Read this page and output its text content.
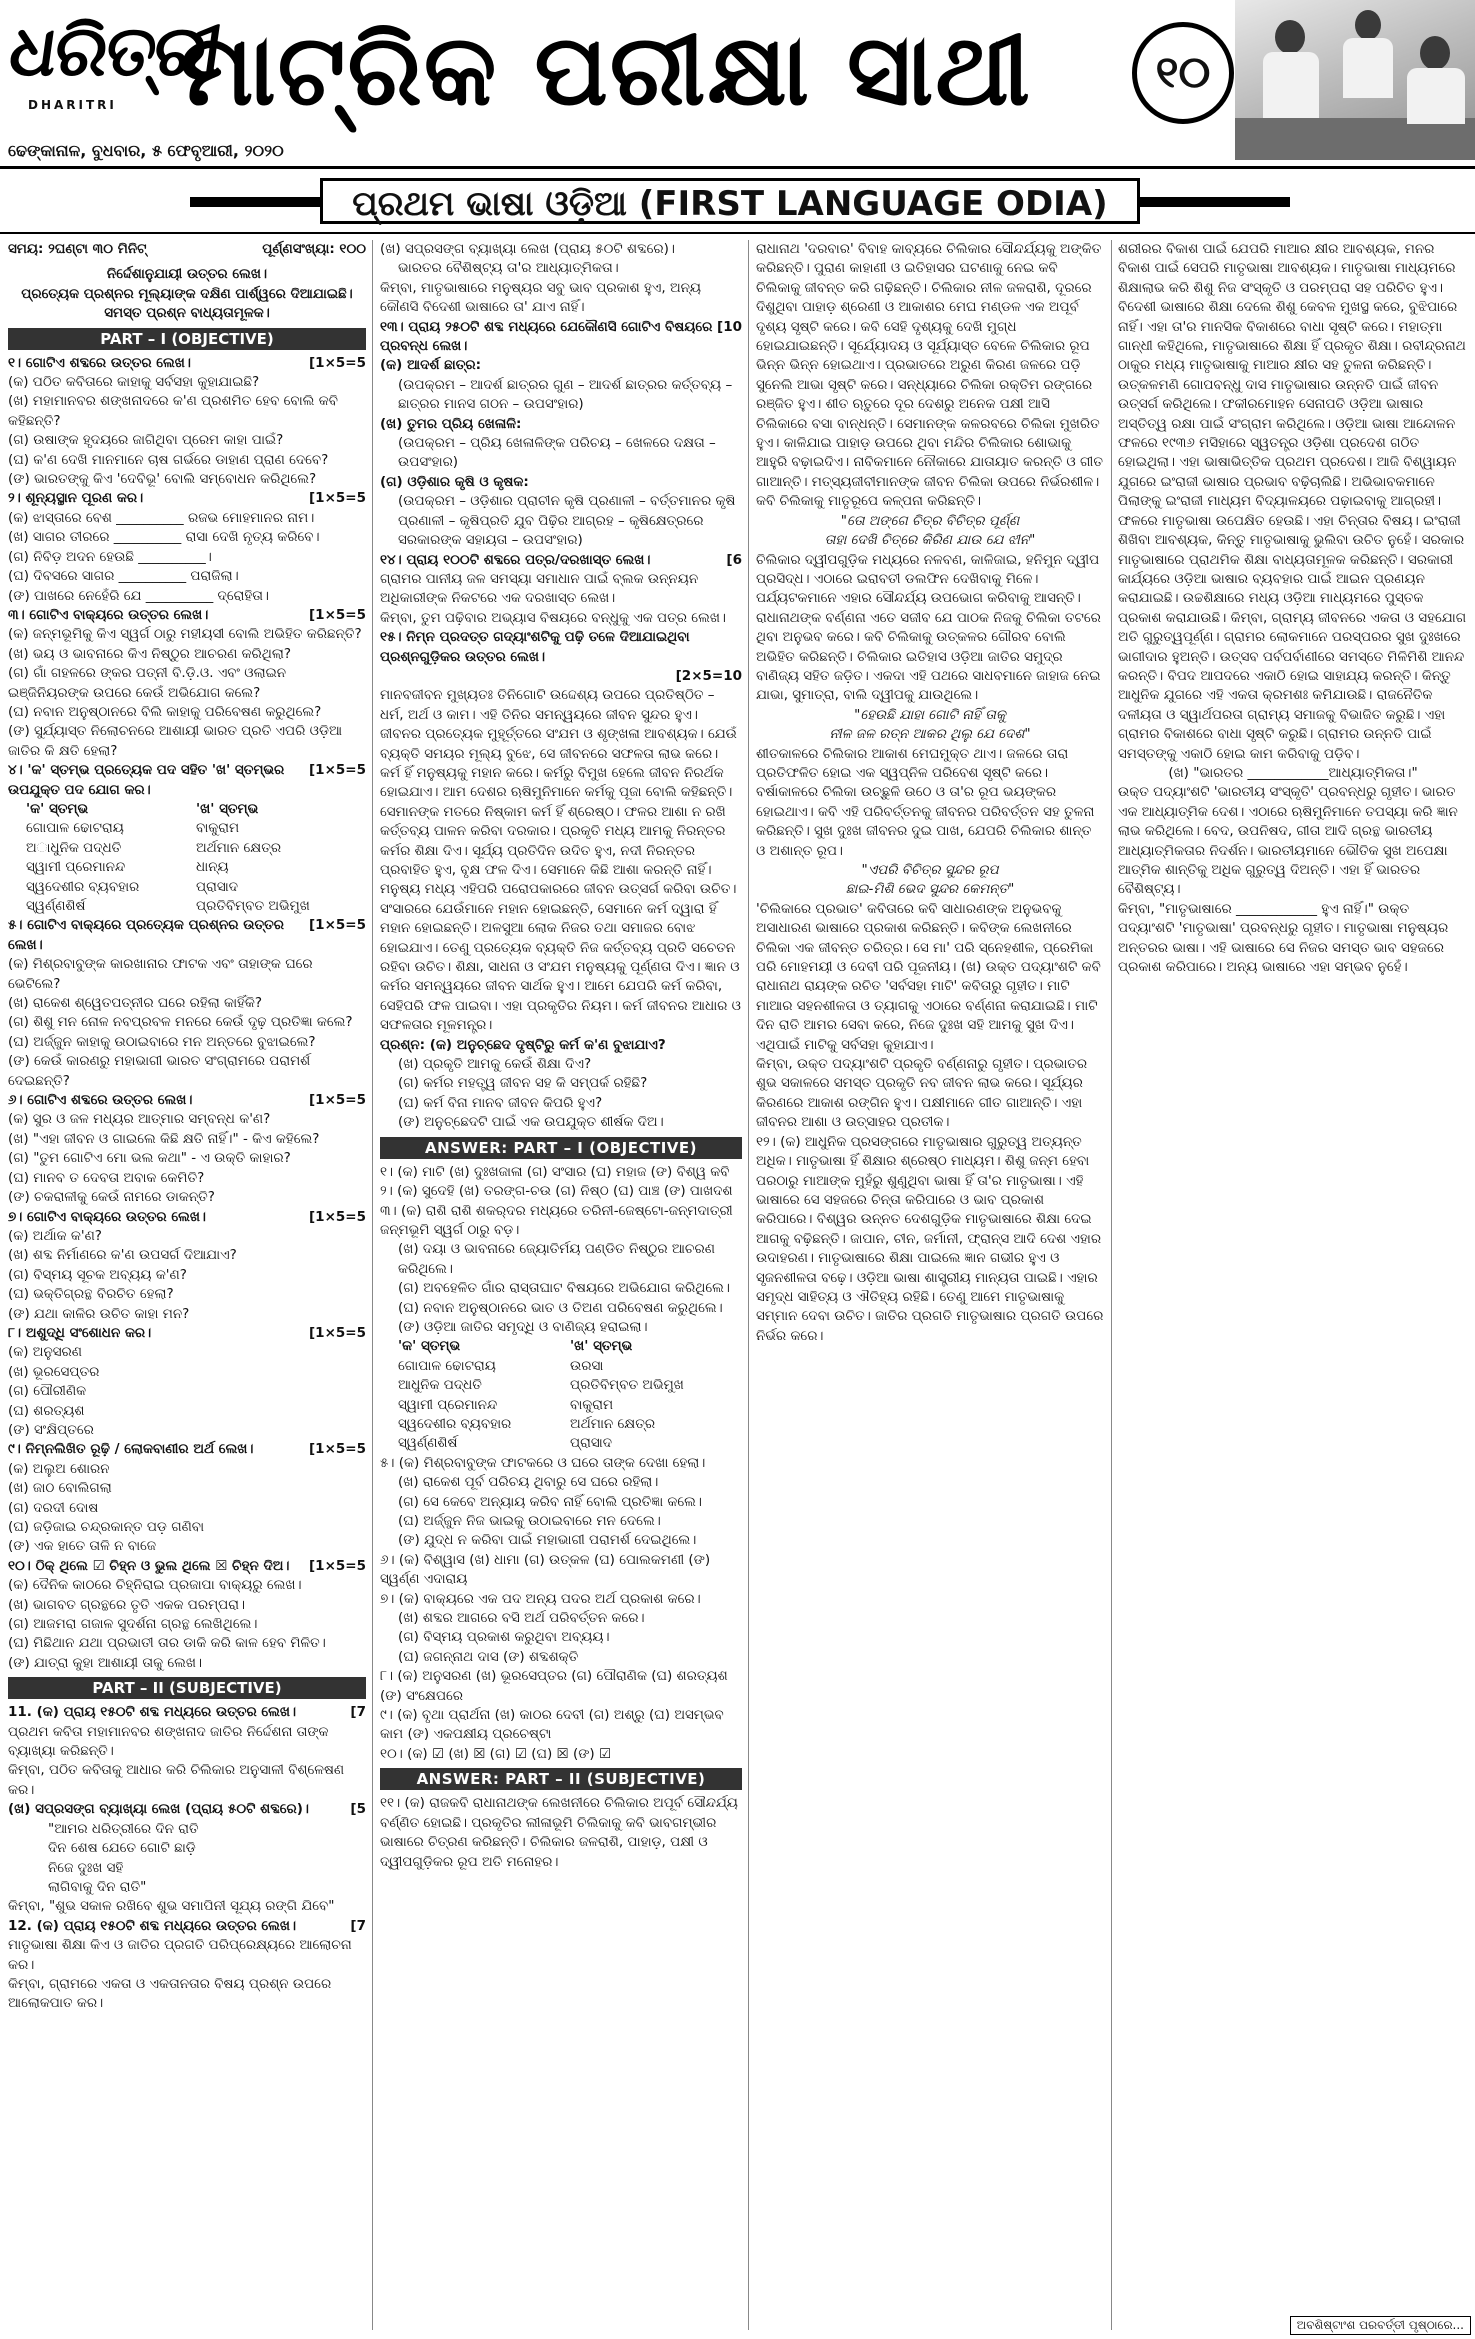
ଧରିତ୍ରୀ
DHARITRI ମାଟ୍ରିକ ପରୀକ୍ଷା ସାଥୀ	୧୦
ଢେଙ୍କାନାଳ, ବୁଧବାର, ୫ ଫେବୃଆରୀ, ୨୦୨୦
ପ୍ରଥମ ଭାଷା ଓଡ଼ିଆ (FIRST LANGUAGE ODIA)
ସମୟ: ୨ଘଣ୍ଟା ୩୦ ମିନିଟ୍	ପୂର୍ଣ୍ଣସଂଖ୍ୟା: ୧୦୦

ନିର୍ଦ୍ଦେଶାନୁଯାୟୀ ଉତ୍ତର ଲେଖ।

ପ୍ରତ୍ୟେକ ପ୍ରଶ୍ନର ମୂଲ୍ୟାଙ୍କ ଦକ୍ଷିଣ ପାର୍ଶ୍ୱରେ ଦିଆଯାଇଛି।

ସମସ୍ତ ପ୍ରଶ୍ନ ବାଧ୍ୟତାମୂଳକ।

PART – I (OBJECTIVE)
୧। ଗୋଟିଏ ଶବ୍ଦରେ ଉତ୍ତର ଲେଖ।	[1×5=5

(କ) ପଠିତ କବିତାରେ କାହାକୁ ସର୍ବସହା କୁହାଯାଇଛି?

(ଖ) ମହାମାନବର ଶଙ୍ଖନାଦରେ କ'ଣ ପ୍ରଶମିତ ହେବ ବୋଲି କବି କହିଛନ୍ତି?

(ଗ) ଉଷାଙ୍କ ହୃଦୟରେ ଜାଗିଥିବା ପ୍ରେମ କାହା ପାଇଁ?

(ଘ) କ'ଣ ଦେଖି ମାନମାନେ ଚାଷ ଗର୍ଭରେ ଡାହାଣ ପ୍ରାଣ ଦେବେ?

(ଙ) ଭାରତଙ୍କୁ କିଏ 'ଦେବିଭୂ' ବୋଲି ସମ୍ବୋଧନ କରିଥିଲେ?

୨। ଶୂନ୍ୟସ୍ଥାନ ପୂରଣ କର।	[1×5=5

(କ) ଝାସ୍ତାରେ ବେଶ __________ ରଜଭ ମୋହମାନର ନାମ।

(ଖ) ସାଗର ତୀରରେ __________ ରାସା ଦେଖି ନୃତ୍ୟ କରିବେ।

(ଗ) ନିବିଡ଼ ଅଦନ ହେଉଛି __________।

(ଘ) ଦିବସରେ ସାଗର __________ ପରାଜିଲା।

(ଙ) ପାଖରେ ନେହେଁରି ଯେ __________ ଦ୍ରୋହିତା।

୩। ଗୋଟିଏ ବାକ୍ୟରେ ଉତ୍ତର ଲେଖ।	[1×5=5

(କ) ଜନ୍ମଭୂମିକୁ କିଏ ସ୍ୱର୍ଗ ଠାରୁ ମହୀୟସୀ ବୋଲି ଅଭିହିତ କରିଛନ୍ତି?

(ଖ) ଭୟ ଓ ଭାବନାରେ କିଏ ନିଷ୍ଠୁର ଆଚରଣ କରିଥିଲା?

(ଗ) ଗାଁ ଗହଳରେ ଙ୍କର ପତ୍ନୀ ବି.ଡ଼ି.ଓ. ଏବଂ ଓଲାଇନ ଇଞ୍ଜିନିୟରଙ୍କ ଉପରେ କେଉଁ ଅଭିଯୋଗ କଲେ?

(ଘ) ନବାନ ଅନୁଷ୍ଠାନରେ ବିଲି କାହାକୁ ପରିବେଷଣ କରୁଥିଲେ?

(ଙ) ସୁର୍ଯ୍ୟାସ୍ତ ନିଲୋଚନରେ ଆଶାୟୀ ଭାରତ ପ୍ରତି ଏପରି ଓଡ଼ିଆ ଜାତିର କି କ୍ଷତି ହେଲା?

୪। 'କ' ସ୍ତମ୍ଭ ପ୍ରତ୍ୟେକ ପଦ ସହିତ 'ଖ' ସ୍ତମ୍ଭର ଉପଯୁକ୍ତ ପଦ ଯୋଗ କର।
[1×5=5
'କ' ସ୍ତମ୍ଭ	'ଖ' ସ୍ତମ୍ଭ
ଗୋପାଳ ଢୋଟରାୟ	ବାକୁରାମ
ଅାଧୁନିକ ପଦ୍ଧତି	ଅର୍ଥମାନ କ୍ଷେତ୍ର
ସ୍ୱାମୀ ପ୍ରେମାନନ୍ଦ	ଧାନ୍ୟ
ସ୍ୱଦେଶୀର ବ୍ୟବହାର	ପ୍ରାସାଦ
ସ୍ୱର୍ଣ୍ଣଶିର୍ଷ	ପ୍ରତିବିମ୍ବତ ଅଭିମୁଖ
୫। ଗୋଟିଏ ବାକ୍ୟରେ ପ୍ରତ୍ୟେକ ପ୍ରଶ୍ନର ଉତ୍ତର ଲେଖ।
[1×5=5

(କ) ମିଶ୍ରବାବୁଙ୍କ କାରଖାନାର ଫାଟକ ଏବଂ ତାହାଙ୍କ ଘରେ ଭେଟିଲେ?

(ଖ) ରାକେଶ ଶ୍ୱେତପତ୍ନୀର ଘରେ ରହିଲା କାହିଁକି?

(ଗ) ଶିଶୁ ମନ ନୋଳ ନବପ୍ରବଳ ମନରେ କେଉଁ ଦୃଢ଼ ପ୍ରତିଜ୍ଞା କଲେ?

(ଘ) ଅର୍ଜ୍ଜୁନ କାହାକୁ ଉଠାଇବାରେ ମନ ଅନ୍ତରେ ବୁଝାଇଲେ?

(ଙ) କେଉଁ କାରଣରୁ ମହାଭାଗୀ ଭାରତ ସଂଗ୍ରାମରେ ପରାମର୍ଶ ଦେଇଛନ୍ତି?

୬। ଗୋଟିଏ ଶବ୍ଦରେ ଉତ୍ତର ଲେଖ।	[1×5=5

(କ) ସୁର ଓ ଜଳ ମଧ୍ୟର ଆତ୍ମାର ସମ୍ବନ୍ଧ କ'ଣ?

(ଖ) "ଏହା ଜୀବନ ଓ ଗାଇଲେ କିଛି କ୍ଷତି ନାହିଁ।" - କିଏ କହିଲେ?

(ଗ) "ତୁମ ଗୋଟିଏ ମୋ ଭଲ କଥା" - ଏ ଉକ୍ତି କାହାର?

(ଘ) ମାନବ ତ ଦେବତା ଅବାକ କେମିତି?

(ଙ) ଚକରାଳୀକୁ କେଉଁ ନାମରେ ଡାକନ୍ତି?

୭। ଗୋଟିଏ ବାକ୍ୟରେ ଉତ୍ତର ଲେଖ।	[1×5=5

(କ) ଅର୍ଥାକ କ'ଣ?

(ଖ) ଶବ୍ଦ ନିର୍ମାଣରେ କ'ଣ ଉପସର୍ଗ ଦିଆଯାଏ?

(ଗ) ବିସ୍ମୟ ସୂଚକ ଅବ୍ୟୟ କ'ଣ?

(ଘ) ଭକ୍ତିଗ୍ରନ୍ଥ ବିରଚିତ ହେଲା?

(ଙ) ଯଥା କାଳିର ଉଚିତ କାହା ମନ?

୮। ଅଶୁଦ୍ଧି ସଂଶୋଧନ କର।	[1×5=5

(କ) ଅନୁସରଣ

(ଖ) ଭୂରସେପ୍ତର

(ଗ) ପୌରୀଣିକ

(ଘ) ଶରତ୍ୟଶ

(ଙ) ସଂକ୍ଷିପ୍ତରେ

୯। ନିମ୍ନଲିଖିତ ରୂଢ଼ି / ଲୋକବାଣୀର ଅର୍ଥ ଲେଖ।	[1×5=5

(କ) ଅଲୁଅ ଶୋରନ

(ଖ) ଜାଠ ବୋଲିଗଲା

(ଗ) ଦରଦୀ ଦୋଷ

(ଘ) ଜଡ଼ିଜାଇ ଚନ୍ଦ୍ରକାନ୍ତ ପଡ଼ ଗଣିବା

(ଙ) ଏକ ହାତେ ତାଳି ନ ବାଜେ

୧୦। ଠିକ୍ ଥିଲେ ☑ ଚିହ୍ନ ଓ ଭୁଲ ଥିଲେ ☒ ଚିହ୍ନ ଦିଅ। [1×5=5

(କ) ଦୈନିକ କାଠରେ ଚିହ୍ନିରାଇ ପ୍ରଜାପା ବାକ୍ୟରୁ ଲେଖ।

(ଖ) ଭାଗବତ ଗ୍ରନ୍ଥରେ ତୃତି ଏକକ ପରମ୍ପରା।

(ଗ) ଆଜମରା ଗଜାଳ ସୁଦର୍ଶନା ଗ୍ରନ୍ଥ ଲେଖିଥିଲେ।

(ଘ) ମିଛିଥାନ ଯଥା ପ୍ରଭାତୀ ତାର ଡାକି କରି କାଳ ହେବ ମିଳିତ।

(ଙ) ଯାତ୍ରା କୁହା ଆଶାୟୀ ତାକୁ ଲେଖ।

PART – II (SUBJECTIVE)
11. (କ) ପ୍ରାୟ ୧୫୦ଟି ଶବ୍ଦ ମଧ୍ୟରେ ଉତ୍ତର ଲେଖ।	[7

ପ୍ରଥମ କବିତା ମହାମାନବର ଶଙ୍ଖନାଦ ଜାତିର ନିର୍ଦ୍ଦେଶନା ତାଙ୍କ ବ୍ୟାଖ୍ୟା କରିଛନ୍ତି।

କିମ୍ବା, ପଠିତ କବିତାକୁ ଆଧାର କରି ଚିଲିକାର ଅନୁସାଳୀ ବିଶ୍ଳେଷଣ କର।

(ଖ) ସପ୍ରସଙ୍ଗ ବ୍ୟାଖ୍ୟା ଲେଖ (ପ୍ରାୟ ୫୦ଟି ଶବ୍ଦରେ)।	[5

"ଆମର ଧରିତ୍ରୀରେ ଦିନ ରାତି

ଦିନ ଶେଷ ଯେତେ ଗୋଟି ଛାଡ଼ି

ନିଜେ ଦୁଃଖ ସହି

ଲାଗିବାକୁ ଦିନ ରାତି"

କିମ୍ବା, "ଶୁଭ ସକାଳ ରଖିବେ ଶୁଭ ସମାପିନୀ ସୂଯ୍ୟ ରଙ୍ଗି ଯିବେ"

12. (କ) ପ୍ରାୟ ୧୫୦ଟି ଶବ୍ଦ ମଧ୍ୟରେ ଉତ୍ତର ଲେଖ।	[7

ମାତୃଭାଷା ଶିକ୍ଷା କିଏ ଓ ଜାତିର ପ୍ରଗତି ପରିପ୍ରେକ୍ଷ୍ୟରେ ଆଲୋଚନା କର।

କିମ୍ବା, ଗ୍ରାମରେ ଏକତା ଓ ଏକତାନତାର ବିଷୟ ପ୍ରଶ୍ନ ଉପରେ ଆଲୋକପାତ କର।

(ଖ) ସପ୍ରସଙ୍ଗ ବ୍ୟାଖ୍ୟା ଲେଖ (ପ୍ରାୟ ୫୦ଟି ଶବ୍ଦରେ)।

ଭାରତର ବୈଶିଷ୍ଟ୍ୟ ତା'ର ଆଧ୍ୟାତ୍ମିକତା।

କିମ୍ବା, ମାତୃଭାଷାରେ ମନୁଷ୍ୟର ସବୁ ଭାବ ପ୍ରକାଶ ହୁଏ, ଅନ୍ୟ କୌଣସି ବିଦେଶୀ ଭାଷାରେ ତା' ଯାଏ ନାହିଁ।

୧୩। ପ୍ରାୟ ୨୫୦ଟି ଶବ୍ଦ ମଧ୍ୟରେ ଯେକୌଣସି ଗୋଟିଏ ବିଷୟରେ ପ୍ରବନ୍ଧ ଲେଖ।
[10

(କ) ଆଦର୍ଶ ଛାତ୍ର:

(ଉପକ୍ରମ – ଆଦର୍ଶ ଛାତ୍ରର ଗୁଣ – ଆଦର୍ଶ ଛାତ୍ରର କର୍ତ୍ତବ୍ୟ – ଛାତ୍ରର ମାନସ ଗଠନ – ଉପସଂହାର)

(ଖ) ତୁମର ପ୍ରିୟ ଖେଳାଳି:

(ଉପକ୍ରମ – ପ୍ରିୟ ଖେଳାଳିଙ୍କ ପରିଚୟ – ଖେଳରେ ଦକ୍ଷତା – ଉପସଂହାର)

(ଗ) ଓଡ଼ିଶାର କୃଷି ଓ କୃଷକ:

(ଉପକ୍ରମ – ଓଡ଼ିଶାର ପ୍ରାଚୀନ କୃଷି ପ୍ରଣାଳୀ – ବର୍ତ୍ତମାନର କୃଷି ପ୍ରଣାଳୀ – କୃଷିପ୍ରତି ଯୁବ ପିଢ଼ିର ଆଗ୍ରହ – କୃଷିକ୍ଷେତ୍ରରେ ସରକାରଙ୍କ ସହାୟତା – ଉପସଂହାର)

୧୪। ପ୍ରାୟ ୧୦୦ଟି ଶବ୍ଦରେ ପତ୍ର/ଦରଖାସ୍ତ ଲେଖ।	[6

ଗ୍ରାମର ପାନୀୟ ଜଳ ସମସ୍ୟା ସମାଧାନ ପାଇଁ ବ୍ଲକ ଉନ୍ନୟନ ଅଧିକାରୀଙ୍କ ନିକଟରେ ଏକ ଦରଖାସ୍ତ ଲେଖ।

କିମ୍ବା, ତୁମ ପଢ଼ିବାର ଅଭ୍ୟାସ ବିଷୟରେ ବନ୍ଧୁକୁ ଏକ ପତ୍ର ଲେଖ।

୧୫। ନିମ୍ନ ପ୍ରଦତ୍ତ ଗଦ୍ୟାଂଶଟିକୁ ପଢ଼ି ତଳେ ଦିଆଯାଇଥିବା ପ୍ରଶ୍ନଗୁଡ଼ିକର ଉତ୍ତର ଲେଖ।

[2×5=10

ମାନବଜୀବନ ମୁଖ୍ୟତଃ ତିନିଗୋଟି ଉଦ୍ଦେଶ୍ୟ ଉପରେ ପ୍ରତିଷ୍ଠିତ – ଧର୍ମ, ଅର୍ଥ ଓ କାମ। ଏହି ତିନିର ସମନ୍ୱୟରେ ଜୀବନ ସୁନ୍ଦର ହୁଏ। ଜୀବନର ପ୍ରତ୍ୟେକ ମୁହୂର୍ତ୍ତରେ ସଂଯମ ଓ ଶୃଙ୍ଖଳା ଆବଶ୍ୟକ। ଯେଉଁ ବ୍ୟକ୍ତି ସମୟର ମୂଲ୍ୟ ବୁଝେ, ସେ ଜୀବନରେ ସଫଳତା ଲାଭ କରେ। କର୍ମ ହିଁ ମନୁଷ୍ୟକୁ ମହାନ କରେ। କର୍ମରୁ ବିମୁଖ ହେଲେ ଜୀବନ ନିରର୍ଥକ ହୋଇଯାଏ। ଆମ ଦେଶର ଋଷିମୁନିମାନେ କର୍ମକୁ ପୂଜା ବୋଲି କହିଛନ୍ତି। ସେମାନଙ୍କ ମତରେ ନିଷ୍କାମ କର୍ମ ହିଁ ଶ୍ରେଷ୍ଠ। ଫଳର ଆଶା ନ ରଖି କର୍ତ୍ତବ୍ୟ ପାଳନ କରିବା ଦରକାର। ପ୍ରକୃତି ମଧ୍ୟ ଆମକୁ ନିରନ୍ତର କର୍ମର ଶିକ୍ଷା ଦିଏ। ସୂର୍ଯ୍ୟ ପ୍ରତିଦିନ ଉଦିତ ହୁଏ, ନଦୀ ନିରନ୍ତର ପ୍ରବାହିତ ହୁଏ, ବୃକ୍ଷ ଫଳ ଦିଏ। ସେମାନେ କିଛି ଆଶା କରନ୍ତି ନାହିଁ। ମନୁଷ୍ୟ ମଧ୍ୟ ଏହିପରି ପରୋପକାରରେ ଜୀବନ ଉତ୍ସର୍ଗ କରିବା ଉଚିତ। ସଂସାରରେ ଯେଉଁମାନେ ମହାନ ହୋଇଛନ୍ତି, ସେମାନେ କର୍ମ ଦ୍ୱାରା ହିଁ ମହାନ ହୋଇଛନ୍ତି। ଅଳସୁଆ ଲୋକ ନିଜର ତଥା ସମାଜର ବୋଝ ହୋଇଯାଏ। ତେଣୁ ପ୍ରତ୍ୟେକ ବ୍ୟକ୍ତି ନିଜ କର୍ତ୍ତବ୍ୟ ପ୍ରତି ସଚେତନ ରହିବା ଉଚିତ। ଶିକ୍ଷା, ସାଧନା ଓ ସଂଯମ ମନୁଷ୍ୟକୁ ପୂର୍ଣ୍ଣତା ଦିଏ। ଜ୍ଞାନ ଓ କର୍ମର ସମନ୍ୱୟରେ ଜୀବନ ସାର୍ଥକ ହୁଏ। ଆମେ ଯେପରି କର୍ମ କରିବା, ସେହିପରି ଫଳ ପାଇବା। ଏହା ପ୍ରକୃତିର ନିୟମ। କର୍ମ ଜୀବନର ଆଧାର ଓ ସଫଳତାର ମୂଳମନ୍ତ୍ର।

ପ୍ରଶ୍ନ: (କ) ଅନୁଚ୍ଛେଦ ଦୃଷ୍ଟିରୁ କର୍ମ କ'ଣ ବୁଝାଯାଏ?

(ଖ) ପ୍ରକୃତି ଆମକୁ କେଉଁ ଶିକ୍ଷା ଦିଏ?

(ଗ) କର୍ମର ମହତ୍ତ୍ୱ ଜୀବନ ସହ କି ସମ୍ପର୍କ ରହିଛି?

(ଘ) କର୍ମ ବିନା ମାନବ ଜୀବନ କିପରି ହୁଏ?

(ଙ) ଅନୁଚ୍ଛେଦଟି ପାଇଁ ଏକ ଉପଯୁକ୍ତ ଶୀର୍ଷକ ଦିଅ।

ANSWER: PART – I (OBJECTIVE)

୧। (କ) ମାଟି (ଖ) ଦୁଃଖଜାଳା (ଗ) ସଂସାର (ଘ) ମହାଜ (ଙ) ବିଶ୍ୱ କବି

୨। (କ) ସୁଦେହି (ଖ) ତରଙ୍ଗ-ଚଉ (ଗ) ନିଷ୍ଠ (ଘ) ପାଞ୍ଚ (ଙ) ପାଖଦଶ

୩। (କ) ରାଶି ରାଶି ଶକର୍‍ଦର ମଧ୍ୟରେ ତରିନୀ-ଜେଷ୍ଟୋ-ଜନ୍ମଦାତ୍ରୀ ଜନ୍ମଭୂମି ସ୍ୱର୍ଗ ଠାରୁ ବଡ଼।

(ଖ) ଦୟା ଓ ଭାବନାରେ ଜ୍ୟୋତିର୍ମୟ ପଣ୍ଡିତ ନିଷ୍ଠୁର ଆଚରଣ କରିଥିଲେ।

(ଗ) ଅବହେଳିତ ଗାଁର ରାସ୍ତାଘାଟ ବିଷୟରେ ଅଭିଯୋଗ କରିଥିଲେ।

(ଘ) ନବାନ ଅନୁଷ୍ଠାନରେ ଭାତ ଓ ତିଅଣ ପରିବେଷଣ କରୁଥିଲେ।

(ଙ) ଓଡ଼ିଆ ଜାତିର ସମୃଦ୍ଧି ଓ ବାଣିଜ୍ୟ ହରାଇଲା।

'କ' ସ୍ତମ୍ଭ	'ଖ' ସ୍ତମ୍ଭ
ଗୋପାଳ ଢୋଟରାୟ	ଉରସା
ଆଧୁନିକ ପଦ୍ଧତି	ପ୍ରତିବିମ୍ବତ ଅଭିମୁଖ
ସ୍ୱାମୀ ପ୍ରେମାନନ୍ଦ	ବାକୁରାମ
ସ୍ୱଦେଶୀର ବ୍ୟବହାର	ଅର୍ଥମାନ କ୍ଷେତ୍ର
ସ୍ୱର୍ଣ୍ଣଶିର୍ଷ	ପ୍ରାସାଦ

୫। (କ) ମିଶ୍ରବାବୁଙ୍କ ଫାଟକରେ ଓ ଘରେ ତାଙ୍କ ଦେଖା ହେଲା।

(ଖ) ରାକେଶ ପୂର୍ବ ପରିଚୟ ଥିବାରୁ ସେ ଘରେ ରହିଲା।

(ଗ) ସେ କେବେ ଅନ୍ୟାୟ କରିବ ନାହିଁ ବୋଲି ପ୍ରତିଜ୍ଞା କଲେ।

(ଘ) ଅର୍ଜ୍ଜୁନ ନିଜ ଭାଇକୁ ଉଠାଇବାରେ ମନ ଦେଲେ।

(ଙ) ଯୁଦ୍ଧ ନ କରିବା ପାଇଁ ମହାଭାଗୀ ପରାମର୍ଶ ଦେଇଥିଲେ।

୬। (କ) ବିଶ୍ୱାସ (ଖ) ଧାମା (ଗ) ଉତ୍କଳ (ଘ) ପୋଲକମଣୀ (ଙ) ସ୍ୱର୍ଣ୍ଣ ଏଦାରାୟ

୭। (କ) ବାକ୍ୟରେ ଏକ ପଦ ଅନ୍ୟ ପଦର ଅର୍ଥ ପ୍ରକାଶ କରେ।

(ଖ) ଶବ୍ଦର ଆଗରେ ବସି ଅର୍ଥ ପରିବର୍ତ୍ତନ କରେ।

(ଗ) ବିସ୍ମୟ ପ୍ରକାଶ କରୁଥିବା ଅବ୍ୟୟ।

(ଘ) ଜଗନ୍ନାଥ ଦାସ (ଙ) ଶବ୍ଦଶକ୍ତି

୮। (କ) ଅନୁସରଣ (ଖ) ଭୂରସେପ୍ତର (ଗ) ପୌରାଣିକ (ଘ) ଶରତ୍ୟଶ (ଙ) ସଂକ୍ଷେପରେ

୯। (କ) ବୃଥା ପ୍ରାର୍ଥନା (ଖ) କାଠର ଦେବୀ (ଗ) ଅଶ୍ରୁ (ଘ) ଅସମ୍ଭବ କାମ (ଙ) ଏକପକ୍ଷୀୟ ପ୍ରଚେଷ୍ଟା

୧୦। (କ) ☑ (ଖ) ☒ (ଗ) ☑ (ଘ) ☒ (ଙ) ☑

ANSWER: PART – II (SUBJECTIVE)

୧୧। (କ) ରାଜକବି ରାଧାନାଥଙ୍କ ଲେଖନୀରେ ଚିଲିକାର ଅପୂର୍ବ ସୌନ୍ଦର୍ଯ୍ୟ ବର୍ଣ୍ଣିତ ହୋଇଛି। ପ୍ରକୃତିର ଲୀଳାଭୂମି ଚିଲିକାକୁ କବି ଭାବଗମ୍ଭୀର ଭାଷାରେ ଚିତ୍ରଣ କରିଛନ୍ତି। ଚିଲିକାର ଜଳରାଶି, ପାହାଡ଼, ପକ୍ଷୀ ଓ ଦ୍ୱୀପଗୁଡ଼ିକର ରୂପ ଅତି ମନୋହର।

ରାଧାନାଥ 'ଦରବାର' ବିବାହ କାବ୍ୟରେ ଚିଲିକାର ସୌନ୍ଦର୍ଯ୍ୟକୁ ଅଙ୍କିତ କରିଛନ୍ତି। ପୁରାଣ କାହାଣୀ ଓ ଇତିହାସର ଘଟଣାକୁ ନେଇ କବି ଚିଲିକାକୁ ଜୀବନ୍ତ କରି ଗଢ଼ିଛନ୍ତି। ଚିଲିକାର ନୀଳ ଜଳରାଶି, ଦୂରରେ ଦିଶୁଥିବା ପାହାଡ଼ ଶ୍ରେଣୀ ଓ ଆକାଶର ମେଘ ମଣ୍ଡଳ ଏକ ଅପୂର୍ବ ଦୃଶ୍ୟ ସୃଷ୍ଟି କରେ। କବି ସେହି ଦୃଶ୍ୟକୁ ଦେଖି ମୁଗ୍ଧ ହୋଇଯାଇଛନ୍ତି। ସୂର୍ଯ୍ୟୋଦୟ ଓ ସୂର୍ଯ୍ୟାସ୍ତ ବେଳେ ଚିଲିକାର ରୂପ ଭିନ୍ନ ଭିନ୍ନ ହୋଇଥାଏ। ପ୍ରଭାତରେ ଅରୁଣ କିରଣ ଜଳରେ ପଡ଼ି ସୁନେଲି ଆଭା ସୃଷ୍ଟି କରେ। ସନ୍ଧ୍ୟାରେ ଚିଲିକା ରକ୍ତିମ ରଙ୍ଗରେ ରଞ୍ଜିତ ହୁଏ। ଶୀତ ଋତୁରେ ଦୂର ଦେଶରୁ ଅନେକ ପକ୍ଷୀ ଆସି ଚିଲିକାରେ ବସା ବାନ୍ଧନ୍ତି। ସେମାନଙ୍କ କଳରବରେ ଚିଲିକା ମୁଖରିତ ହୁଏ। କାଳିଯାଇ ପାହାଡ଼ ଉପରେ ଥିବା ମନ୍ଦିର ଚିଲିକାର ଶୋଭାକୁ ଆହୁରି ବଢ଼ାଇଦିଏ। ନାବିକମାନେ ନୌକାରେ ଯାତାୟାତ କରନ୍ତି ଓ ଗୀତ ଗାଆନ୍ତି। ମତ୍ସ୍ୟଜୀବୀମାନଙ୍କ ଜୀବନ ଚିଲିକା ଉପରେ ନିର୍ଭରଶୀଳ। କବି ଚିଲିକାକୁ ମାତୃରୂପେ କଳ୍ପନା କରିଛନ୍ତି।

"ତୋ ଅଙ୍ଗେ ଚିତ୍ର ବିଚିତ୍ର ପୂର୍ଣ୍ଣ

ତାହା ଦେଖି ଚିତ୍ରେ କିରିଣ ଯାଉ ଯେ ଝୀନ"

ଚିଲିକାର ଦ୍ୱୀପଗୁଡ଼ିକ ମଧ୍ୟରେ ନଳବଣ, କାଳିଜାଇ, ହନିମୁନ ଦ୍ୱୀପ ପ୍ରସିଦ୍ଧ। ଏଠାରେ ଇରାବତୀ ଡଲଫିନ ଦେଖିବାକୁ ମିଳେ। ପର୍ଯ୍ୟଟକମାନେ ଏହାର ସୌନ୍ଦର୍ଯ୍ୟ ଉପଭୋଗ କରିବାକୁ ଆସନ୍ତି। ରାଧାନାଥଙ୍କ ବର୍ଣ୍ଣନା ଏତେ ସଜୀବ ଯେ ପାଠକ ନିଜକୁ ଚିଲିକା ତଟରେ ଥିବା ଅନୁଭବ କରେ। କବି ଚିଲିକାକୁ ଉତ୍କଳର ଗୌରବ ବୋଲି ଅଭିହିତ କରିଛନ୍ତି। ଚିଲିକାର ଇତିହାସ ଓଡ଼ିଆ ଜାତିର ସମୁଦ୍ର ବାଣିଜ୍ୟ ସହିତ ଜଡ଼ିତ। ଏକଦା ଏହି ପଥରେ ସାଧବମାନେ ଜାହାଜ ନେଇ ଯାଭା, ସୁମାତ୍ରା, ବାଲି ଦ୍ୱୀପକୁ ଯାଉଥିଲେ।

"ହେଉଛି ଯାହା ଗୋଟି ନାହିଁ ତାକୁ

ନୀଳ ଜଳ ରତ୍ନ ଆକର ଥିଲୁ ଯେ ଦେଶ"

ଶୀତକାଳରେ ଚିଲିକାର ଆକାଶ ମେଘମୁକ୍ତ ଥାଏ। ଜଳରେ ତାରା ପ୍ରତିଫଳିତ ହୋଇ ଏକ ସ୍ୱପ୍ନିଳ ପରିବେଶ ସୃଷ୍ଟି କରେ। ବର୍ଷାକାଳରେ ଚିଲିକା ଉଚ୍ଛୁଳି ଉଠେ ଓ ତା'ର ରୂପ ଭୟଙ୍କର ହୋଇଥାଏ। କବି ଏହି ପରିବର୍ତ୍ତନକୁ ଜୀବନର ପରିବର୍ତ୍ତନ ସହ ତୁଳନା କରିଛନ୍ତି। ସୁଖ ଦୁଃଖ ଜୀବନର ଦୁଇ ପାଖ, ଯେପରି ଚିଲିକାର ଶାନ୍ତ ଓ ଅଶାନ୍ତ ରୂପ।

"ଏପରି ବିଚିତ୍ର ସୁନ୍ଦର ରୂପ

ଛାଇ-ମିଶି ଭେଦ ସୁନ୍ଦର କେମନ୍ତ"

'ଚିଲିକାରେ ପ୍ରଭାତ' କବିତାରେ କବି ସାଧାରଣଙ୍କ ଅନୁଭବକୁ ଅସାଧାରଣ ଭାଷାରେ ପ୍ରକାଶ କରିଛନ୍ତି। କବିଙ୍କ ଲେଖନୀରେ ଚିଲିକା ଏକ ଜୀବନ୍ତ ଚରିତ୍ର। ସେ ମା' ପରି ସ୍ନେହଶୀଳ, ପ୍ରେମିକା ପରି ମୋହମୟୀ ଓ ଦେବୀ ପରି ପୂଜନୀୟ। (ଖ) ଉକ୍ତ ପଦ୍ୟାଂଶଟି କବି ରାଧାନାଥ ରାୟଙ୍କ ରଚିତ 'ସର୍ବସହା ମାଟି' କବିତାରୁ ଗୃହୀତ। ମାଟି ମାଆର ସହନଶୀଳତା ଓ ତ୍ୟାଗକୁ ଏଠାରେ ବର୍ଣ୍ଣନା କରାଯାଇଛି। ମାଟି ଦିନ ରାତି ଆମର ସେବା କରେ, ନିଜେ ଦୁଃଖ ସହି ଆମକୁ ସୁଖ ଦିଏ। ଏଥିପାଇଁ ମାଟିକୁ ସର୍ବସହା କୁହାଯାଏ।

କିମ୍ବା, ଉକ୍ତ ପଦ୍ୟାଂଶଟି ପ୍ରକୃତି ବର୍ଣ୍ଣନାରୁ ଗୃହୀତ। ପ୍ରଭାତର ଶୁଭ ସକାଳରେ ସମସ୍ତ ପ୍ରକୃତି ନବ ଜୀବନ ଲାଭ କରେ। ସୂର୍ଯ୍ୟର କିରଣରେ ଆକାଶ ରଙ୍ଗିନ ହୁଏ। ପକ୍ଷୀମାନେ ଗୀତ ଗାଆନ୍ତି। ଏହା ଜୀବନର ଆଶା ଓ ଉତ୍ସାହର ପ୍ରତୀକ।

୧୨। (କ) ଆଧୁନିକ ପ୍ରସଙ୍ଗରେ ମାତୃଭାଷାର ଗୁରୁତ୍ୱ ଅତ୍ୟନ୍ତ ଅଧିକ। ମାତୃଭାଷା ହିଁ ଶିକ୍ଷାର ଶ୍ରେଷ୍ଠ ମାଧ୍ୟମ। ଶିଶୁ ଜନ୍ମ ହେବା ପରଠାରୁ ମାଆଙ୍କ ମୁହଁରୁ ଶୁଣୁଥିବା ଭାଷା ହିଁ ତା'ର ମାତୃଭାଷା। ଏହି ଭାଷାରେ ସେ ସହଜରେ ଚିନ୍ତା କରିପାରେ ଓ ଭାବ ପ୍ରକାଶ କରିପାରେ। ବିଶ୍ୱର ଉନ୍ନତ ଦେଶଗୁଡ଼ିକ ମାତୃଭାଷାରେ ଶିକ୍ଷା ଦେଇ ଆଗକୁ ବଢ଼ିଛନ୍ତି। ଜାପାନ, ଚୀନ, ଜର୍ମାନୀ, ଫ୍ରାନ୍ସ ଆଦି ଦେଶ ଏହାର ଉଦାହରଣ। ମାତୃଭାଷାରେ ଶିକ୍ଷା ପାଇଲେ ଜ୍ଞାନ ଗଭୀର ହୁଏ ଓ ସୃଜନଶୀଳତା ବଢ଼େ। ଓଡ଼ିଆ ଭାଷା ଶାସ୍ତ୍ରୀୟ ମାନ୍ୟତା ପାଇଛି। ଏହାର ସମୃଦ୍ଧ ସାହିତ୍ୟ ଓ ଐତିହ୍ୟ ରହିଛି। ତେଣୁ ଆମେ ମାତୃଭାଷାକୁ ସମ୍ମାନ ଦେବା ଉଚିତ। ଜାତିର ପ୍ରଗତି ମାତୃଭାଷାର ପ୍ରଗତି ଉପରେ ନିର୍ଭର କରେ।

ଶରୀରର ବିକାଶ ପାଇଁ ଯେପରି ମାଆର କ୍ଷୀର ଆବଶ୍ୟକ, ମନର ବିକାଶ ପାଇଁ ସେପରି ମାତୃଭାଷା ଆବଶ୍ୟକ। ମାତୃଭାଷା ମାଧ୍ୟମରେ ଶିକ୍ଷାଲାଭ କରି ଶିଶୁ ନିଜ ସଂସ୍କୃତି ଓ ପରମ୍ପରା ସହ ପରିଚିତ ହୁଏ। ବିଦେଶୀ ଭାଷାରେ ଶିକ୍ଷା ଦେଲେ ଶିଶୁ କେବଳ ମୁଖସ୍ଥ କରେ, ବୁଝିପାରେ ନାହିଁ। ଏହା ତା'ର ମାନସିକ ବିକାଶରେ ବାଧା ସୃଷ୍ଟି କରେ। ମହାତ୍ମା ଗାନ୍ଧୀ କହିଥିଲେ, ମାତୃଭାଷାରେ ଶିକ୍ଷା ହିଁ ପ୍ରକୃତ ଶିକ୍ଷା। ରବୀନ୍ଦ୍ରନାଥ ଠାକୁର ମଧ୍ୟ ମାତୃଭାଷାକୁ ମାଆର କ୍ଷୀର ସହ ତୁଳନା କରିଛନ୍ତି। ଉତ୍କଳମଣି ଗୋପବନ୍ଧୁ ଦାସ ମାତୃଭାଷାର ଉନ୍ନତି ପାଇଁ ଜୀବନ ଉତ୍ସର୍ଗ କରିଥିଲେ। ଫକୀରମୋହନ ସେନାପତି ଓଡ଼ିଆ ଭାଷାର ଅସ୍ତିତ୍ୱ ରକ୍ଷା ପାଇଁ ସଂଗ୍ରାମ କରିଥିଲେ। ଓଡ଼ିଆ ଭାଷା ଆନ୍ଦୋଳନ ଫଳରେ ୧୯୩୬ ମସିହାରେ ସ୍ୱତନ୍ତ୍ର ଓଡ଼ିଶା ପ୍ରଦେଶ ଗଠିତ ହୋଇଥିଲା। ଏହା ଭାଷାଭିତ୍ତିକ ପ୍ରଥମ ପ୍ରଦେଶ। ଆଜି ବିଶ୍ୱାୟନ ଯୁଗରେ ଇଂରାଜୀ ଭାଷାର ପ୍ରଭାବ ବଢ଼ିଚାଲିଛି। ଅଭିଭାବକମାନେ ପିଲାଙ୍କୁ ଇଂରାଜୀ ମାଧ୍ୟମ ବିଦ୍ୟାଳୟରେ ପଢ଼ାଇବାକୁ ଆଗ୍ରହୀ। ଫଳରେ ମାତୃଭାଷା ଉପେକ୍ଷିତ ହେଉଛି। ଏହା ଚିନ୍ତାର ବିଷୟ। ଇଂରାଜୀ ଶିଖିବା ଆବଶ୍ୟକ, କିନ୍ତୁ ମାତୃଭାଷାକୁ ଭୁଲିବା ଉଚିତ ନୁହେଁ। ସରକାର ମାତୃଭାଷାରେ ପ୍ରାଥମିକ ଶିକ୍ଷା ବାଧ୍ୟତାମୂଳକ କରିଛନ୍ତି। ସରକାରୀ କାର୍ଯ୍ୟରେ ଓଡ଼ିଆ ଭାଷାର ବ୍ୟବହାର ପାଇଁ ଆଇନ ପ୍ରଣୟନ କରାଯାଇଛି। ଉଚ୍ଚଶିକ୍ଷାରେ ମଧ୍ୟ ଓଡ଼ିଆ ମାଧ୍ୟମରେ ପୁସ୍ତକ ପ୍ରକାଶ କରାଯାଉଛି। କିମ୍ବା, ଗ୍ରାମ୍ୟ ଜୀବନରେ ଏକତା ଓ ସହଯୋଗ ଅତି ଗୁରୁତ୍ୱପୂର୍ଣ୍ଣ। ଗ୍ରାମର ଲୋକମାନେ ପରସ୍ପରର ସୁଖ ଦୁଃଖରେ ଭାଗୀଦାର ହୁଅନ୍ତି। ଉତ୍ସବ ପର୍ବପର୍ବାଣୀରେ ସମସ୍ତେ ମିଳିମିଶି ଆନନ୍ଦ କରନ୍ତି। ବିପଦ ଆପଦରେ ଏକାଠି ହୋଇ ସାହାଯ୍ୟ କରନ୍ତି। କିନ୍ତୁ ଆଧୁନିକ ଯୁଗରେ ଏହି ଏକତା କ୍ରମଶଃ କମିଯାଉଛି। ରାଜନୈତିକ ଦଳୀୟତା ଓ ସ୍ୱାର୍ଥପରତା ଗ୍ରାମ୍ୟ ସମାଜକୁ ବିଭାଜିତ କରୁଛି। ଏହା ଗ୍ରାମର ବିକାଶରେ ବାଧା ସୃଷ୍ଟି କରୁଛି। ଗ୍ରାମର ଉନ୍ନତି ପାଇଁ ସମସ୍ତଙ୍କୁ ଏକାଠି ହୋଇ କାମ କରିବାକୁ ପଡ଼ିବ।

(ଖ) "ଭାରତର ____________ଆଧ୍ୟାତ୍ମିକତା।"

ଉକ୍ତ ପଦ୍ୟାଂଶଟି 'ଭାରତୀୟ ସଂସ୍କୃତି' ପ୍ରବନ୍ଧରୁ ଗୃହୀତ। ଭାରତ ଏକ ଆଧ୍ୟାତ୍ମିକ ଦେଶ। ଏଠାରେ ଋଷିମୁନିମାନେ ତପସ୍ୟା କରି ଜ୍ଞାନ ଲାଭ କରିଥିଲେ। ବେଦ, ଉପନିଷଦ, ଗୀତା ଆଦି ଗ୍ରନ୍ଥ ଭାରତୀୟ ଆଧ୍ୟାତ୍ମିକତାର ନିଦର୍ଶନ। ଭାରତୀୟମାନେ ଭୌତିକ ସୁଖ ଅପେକ୍ଷା ଆତ୍ମିକ ଶାନ୍ତିକୁ ଅଧିକ ଗୁରୁତ୍ୱ ଦିଅନ୍ତି। ଏହା ହିଁ ଭାରତର ବୈଶିଷ୍ଟ୍ୟ।

କିମ୍ବା, "ମାତୃଭାଷାରେ ____________ ହୁଏ ନାହିଁ।" ଉକ୍ତ ପଦ୍ୟାଂଶଟି 'ମାତୃଭାଷା' ପ୍ରବନ୍ଧରୁ ଗୃହୀତ। ମାତୃଭାଷା ମନୁଷ୍ୟର ଅନ୍ତରର ଭାଷା। ଏହି ଭାଷାରେ ସେ ନିଜର ସମସ୍ତ ଭାବ ସହଜରେ ପ୍ରକାଶ କରିପାରେ। ଅନ୍ୟ ଭାଷାରେ ଏହା ସମ୍ଭବ ନୁହେଁ।

ଅବଶିଷ୍ଟାଂଶ ପରବର୍ତ୍ତୀ ପୃଷ୍ଠାରେ...
